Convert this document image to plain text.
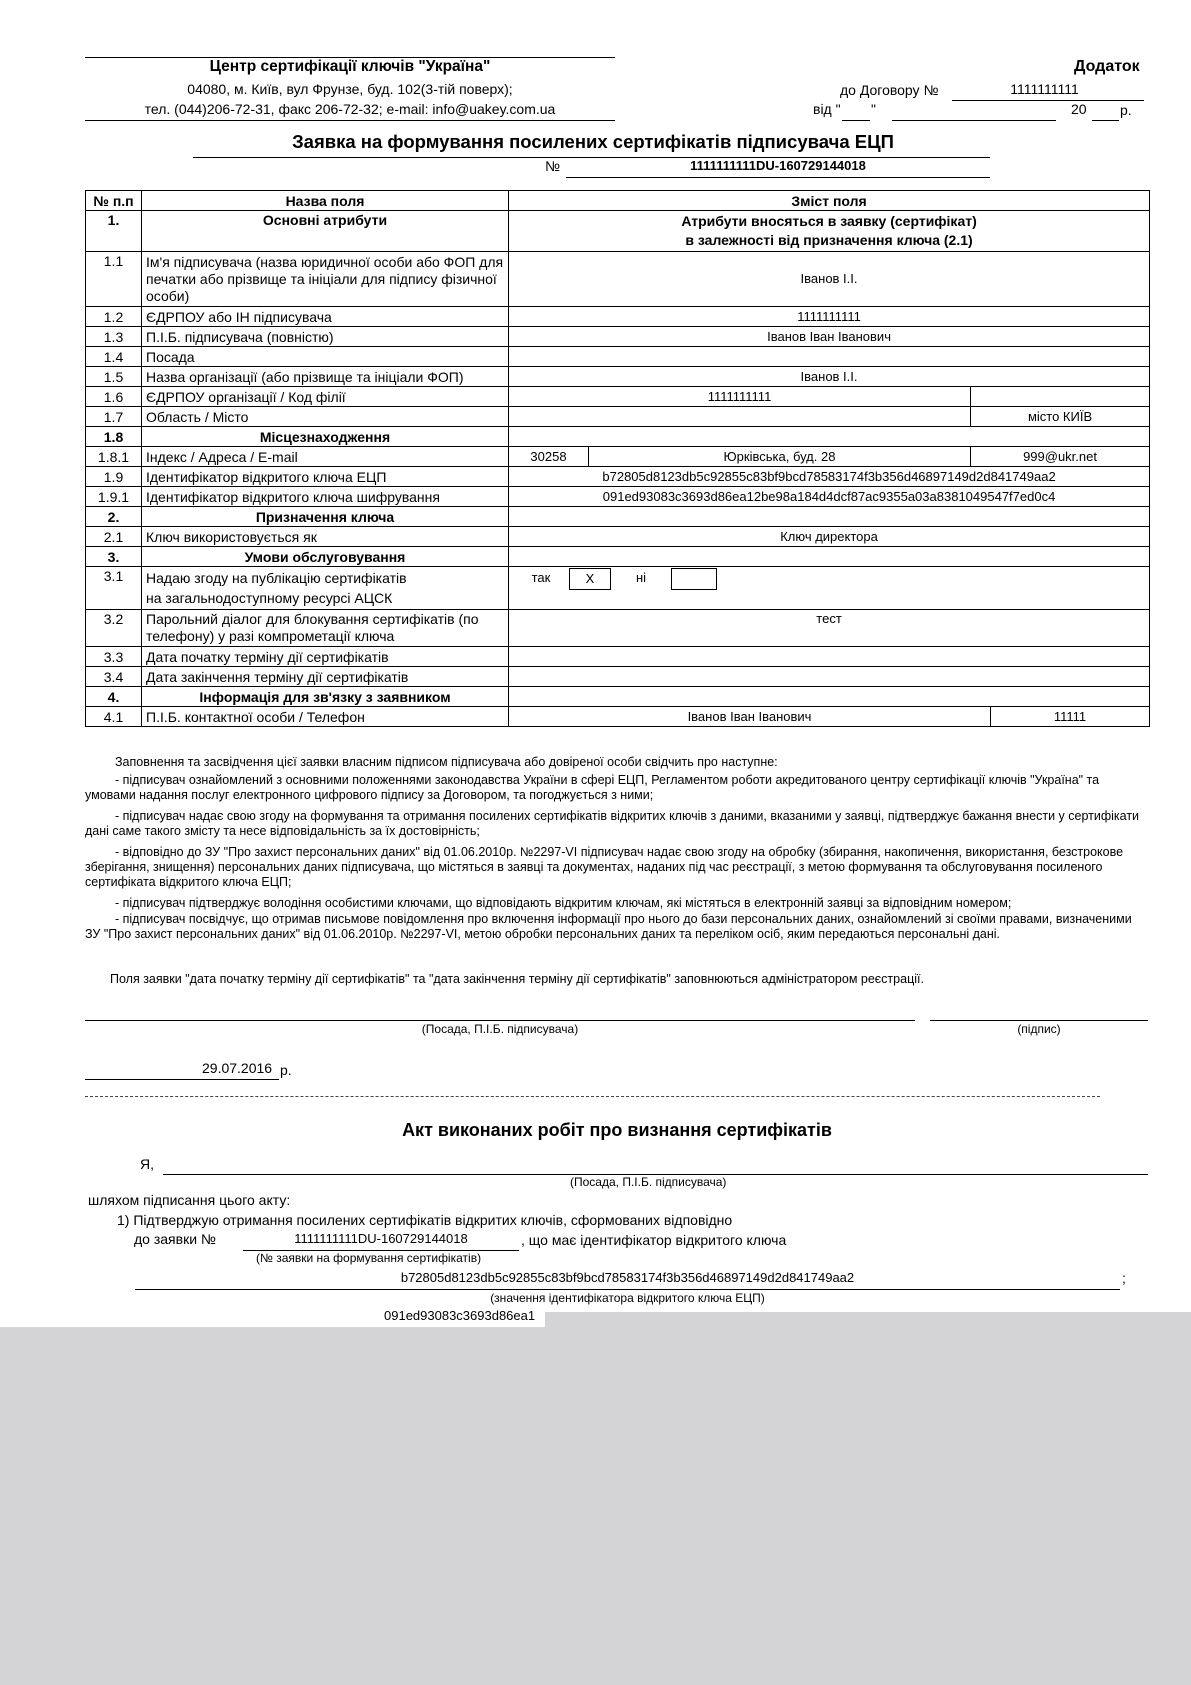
Центр сертифікації ключів "Україна"
04080, м. Київ, вул Фрунзе, буд. 102(3-тій поверх);
тел. (044)206-72-31, факс 206-72-32; e-mail: info@uakey.com.ua
Додаток
до Договору №	1111111111
від " "	20 р.
Заявка на формування посилених сертифікатів підписувача ЕЦП
№	1111111111DU-160729144018
№ п.п	Назва поля	Зміст поля			
1.	Основні атрибути	Атрибути вносяться в заявку (сертифікат)
в залежності від призначення ключа (2.1)			

1.1	Ім'я підписувача (назва юридичної особи або ФОП для печатки або прізвище та ініціали для підпису фізичної особи)	Іванов І.І.			
1.2	ЄДРПОУ або ІН підписувача	1111111111			
1.3	П.І.Б. підписувача (повністю)	Іванов Іван Іванович			
1.4	Посада				
1.5	Назва організації (або прізвище та ініціали ФОП)	Іванов І.І.			
1.6	ЄДРПОУ організації / Код філії	1111111111			
1.7	Область / Місто			місто КИЇВ	
1.8	Місцезнаходження				
1.8.1	Індекс / Адреса / E-mail	30258	Юрківська, буд. 28	999@ukr.net	
1.9	Ідентифікатор відкритого ключа ЕЦП	b72805d8123db5c92855c83bf9bcd78583174f3b356d46897149d2d841749aa2			
1.9.1	Ідентифікатор відкритого ключа шифрування	091ed93083c3693d86ea12be98a184d4dcf87ac9355a03a8381049547f7ed0c4			
2.	Призначення ключа				
2.1	Ключ використовується як	Ключ директора			
3.	Умови обслуговування				
3.1	Надаю згоду на публікацію сертифікатів
на загальнодоступному ресурсі АЦСК	так X ні			
3.2	Парольний діалог для блокування сертифікатів (по телефону) у разі компрометації ключа	тест			
3.3	Дата початку терміну дії сертифікатів				
3.4	Дата закінчення терміну дії сертифікатів				
4.	Інформація для зв'язку з заявником				
4.1	П.І.Б. контактної особи / Телефон	Іванов Іван Іванович			11111

Заповнення та засвідчення цієї заявки власним підписом підписувача або довіреної особи свідчить про наступне:

- підписувач ознайомлений з основними положеннями законодавства України в сфері ЕЦП, Регламентом роботи акредитованого центру сертифікації ключів "Україна" та умовами надання послуг електронного цифрового підпису за Договором, та погоджується з ними;

- підписувач надає свою згоду на формування та отримання посилених сертифікатів відкритих ключів з даними, вказаними у заявці, підтверджує бажання внести у сертифікати дані саме такого змісту та несе відповідальність за їх достовірність;

- відповідно до ЗУ "Про захист персональних даних" від 01.06.2010р. №2297-VI підписувач надає свою згоду на обробку (збирання, накопичення, використання, безстрокове зберігання, знищення) персональних даних підписувача, що містяться в заявці та документах, наданих під час реєстрації, з метою формування та обслуговування посиленого сертифіката відкритого ключа ЕЦП;

- підписувач підтверджує володіння особистими ключами, що відповідають відкритим ключам, які містяться в електронній заявці за відповідним номером;

- підписувач посвідчує, що отримав письмове повідомлення про включення інформації про нього до бази персональних даних, ознайомлений зі своїми правами, визначеними ЗУ "Про захист персональних даних" від 01.06.2010р. №2297-VI, метою обробки персональних даних та переліком осіб, яким передаються персональні дані.

Поля заявки "дата початку терміну дії сертифікатів" та "дата закінчення терміну дії сертифікатів" заповнюються адміністратором реєстрації.
(Посада, П.І.Б. підписувача)	(підпис)
29.07.2016 р.
Акт виконаних робіт про визнання сертифікатів
Я,
(Посада, П.І.Б. підписувача)
шляхом підписання цього акту:
1) Підтверджую отримання посилених сертифікатів відкритих ключів, сформованих відповідно
до заявки №	1111111111DU-160729144018	, що має ідентифікатор відкритого ключа
(№ заявки на формування сертифікатів)
b72805d8123db5c92855c83bf9bcd78583174f3b356d46897149d2d841749aa2	;
(значення ідентифікатора відкритого ключа ЕЦП)
091ed93083c3693d86ea1
